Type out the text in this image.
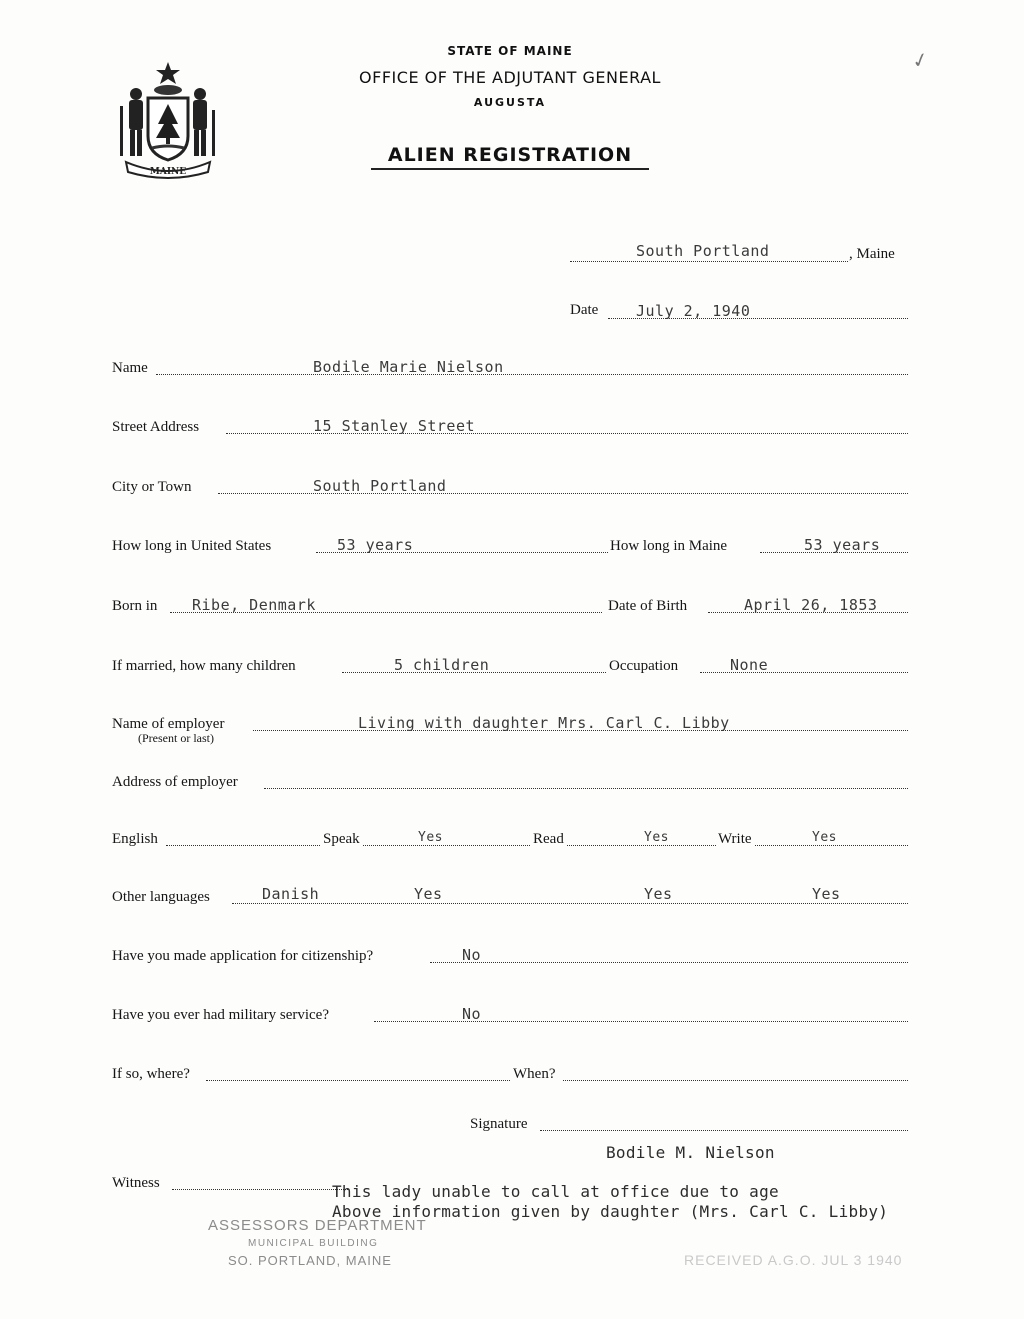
✓
MAINE
STATE OF MAINE
OFFICE OF THE ADJUTANT GENERAL
AUGUSTA
ALIEN REGISTRATION
South Portland	, Maine
Date	July 2, 1940
Name	Bodile Marie Nielson
Street Address	15 Stanley Street
City or Town	South Portland
How long in United States	53 years	How long in Maine	53 years
Born in Ribe, Denmark	Date of Birth	April 26, 1853
If married, how many children	5 children	Occupation	None
Name of employer
(Present or last)
Living with daughter Mrs. Carl C. Libby
Address of employer
English	Speak	Yes	Read	Yes	Write	Yes
Other languages	Danish	Yes	Yes	Yes
Have you made application for citizenship?	No
Have you ever had military service?	No
If so, where?	When?
Signature
Bodile M. Nielson
Witness	This lady unable to call at office due to age
Above information given by daughter (Mrs. Carl C. Libby)
ASSESSORS DEPARTMENT
MUNICIPAL BUILDING
SO. PORTLAND, MAINE	RECEIVED A.G.O. JUL 3 1940
